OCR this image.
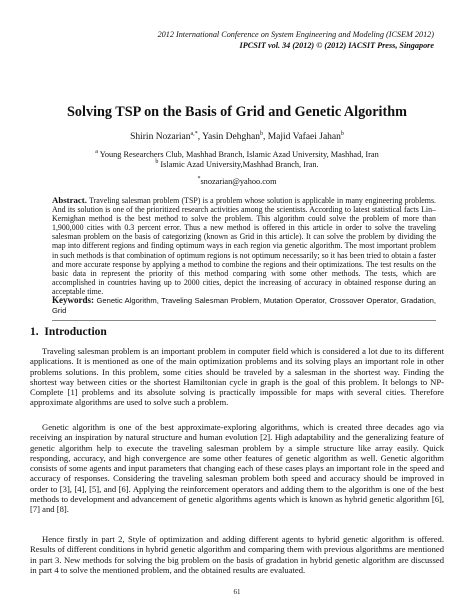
2012 International Conference on System Engineering and Modeling (ICSEM 2012)
IPCSIT vol. 34 (2012) © (2012) IACSIT Press, Singapore
Solving TSP on the Basis of Grid and Genetic Algorithm
Shirin Nozarian$^{a,*}$, Yasin Dehghan$^b$, Majid Vafaei Jahan$^b$
$^a$ Young Researchers Club, Mashhad Branch, Islamic Azad University, Mashhad, Iran
$^b$ Islamic Azad University,Mashhad Branch, Iran.
*snozarian@yahoo.com
Abstract. Traveling salesman problem (TSP) is a problem whose solution is applicable in many engineering problems. And its solution is one of the prioritized research activities among the scientists. According to latest statistical facts Lin–Kernighan method is the best method to solve the problem. This algorithm could solve the problem of more than 1,900,000 cities with 0.3 percent error. Thus a new method is offered in this article in order to solve the traveling salesman problem on the basis of categorizing (known as Grid in this article). It can solve the problem by dividing the map into different regions and finding optimum ways in each region via genetic algorithm. The most important problem in such methods is that combination of optimum regions is not optimum necessarily; so it has been tried to obtain a faster and more accurate response by applying a method to combine the regions and their optimizations. The test results on the basic data in represent the priority of this method comparing with some other methods. The tests, which are accomplished in countries having up to 2000 cities, depict the increasing of accuracy in obtained response during an acceptable time.
Keywords: Genetic Algorithm, Traveling Salesman Problem, Mutation Operator, Crossover Operator, Gradation, Grid
1. Introduction
Traveling salesman problem is an important problem in computer field which is considered a lot due to its different applications. It is mentioned as one of the main optimization problems and its solving plays an important role in other problems solutions. In this problem, some cities should be traveled by a salesman in the shortest way. Finding the shortest way between cities or the shortest Hamiltonian cycle in graph is the goal of this problem. It belongs to NP-Complete [1] problems and its absolute solving is practically impossible for maps with several cities. Therefore approximate algorithms are used to solve such a problem.
Genetic algorithm is one of the best approximate-exploring algorithms, which is created three decades ago via receiving an inspiration by natural structure and human evolution [2]. High adaptability and the generalizing feature of genetic algorithm help to execute the traveling salesman problem by a simple structure like array easily. Quick responding, accuracy, and high convergence are some other features of genetic algorithm as well. Genetic algorithm consists of some agents and input parameters that changing each of these cases plays an important role in the speed and accuracy of responses. Considering the traveling salesman problem both speed and accuracy should be improved in order to [3], [4], [5], and [6]. Applying the reinforcement operators and adding them to the algorithm is one of the best methods to development and advancement of genetic algorithms agents which is known as hybrid genetic algorithm [6], [7] and [8].
Hence firstly in part 2, Style of optimization and adding different agents to hybrid genetic algorithm is offered. Results of different conditions in hybrid genetic algorithm and comparing them with previous algorithms are mentioned in part 3. New methods for solving the big problem on the basis of gradation in hybrid genetic algorithm are discussed in part 4 to solve the mentioned problem, and the obtained results are evaluated.
61
